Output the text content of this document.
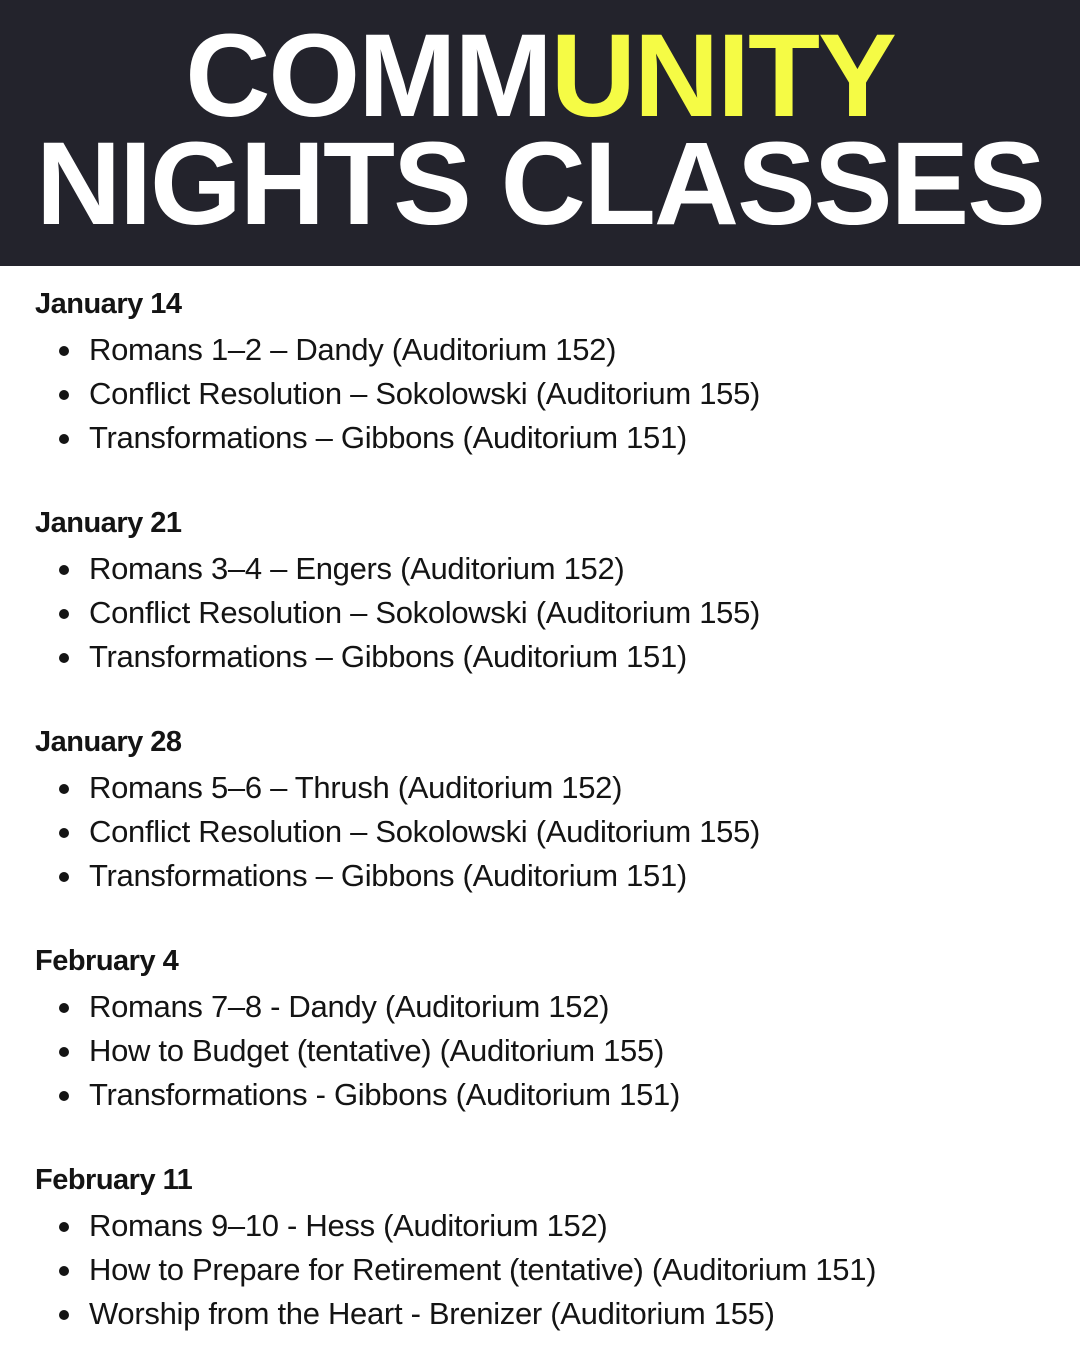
COMMUNITY
NIGHTS CLASSES
January 14
Romans 1–2 – Dandy (Auditorium 152)
Conflict Resolution – Sokolowski (Auditorium 155)
Transformations – Gibbons (Auditorium 151)
January 21
Romans 3–4 – Engers (Auditorium 152)
Conflict Resolution – Sokolowski (Auditorium 155)
Transformations – Gibbons (Auditorium 151)
January 28
Romans 5–6 – Thrush (Auditorium 152)
Conflict Resolution – Sokolowski (Auditorium 155)
Transformations – Gibbons (Auditorium 151)
February 4
Romans 7–8 - Dandy (Auditorium 152)
How to Budget (tentative) (Auditorium 155)
Transformations - Gibbons (Auditorium 151)
February 11
Romans 9–10 - Hess (Auditorium 152)
How to Prepare for Retirement (tentative) (Auditorium 151)
Worship from the Heart - Brenizer (Auditorium 155)
